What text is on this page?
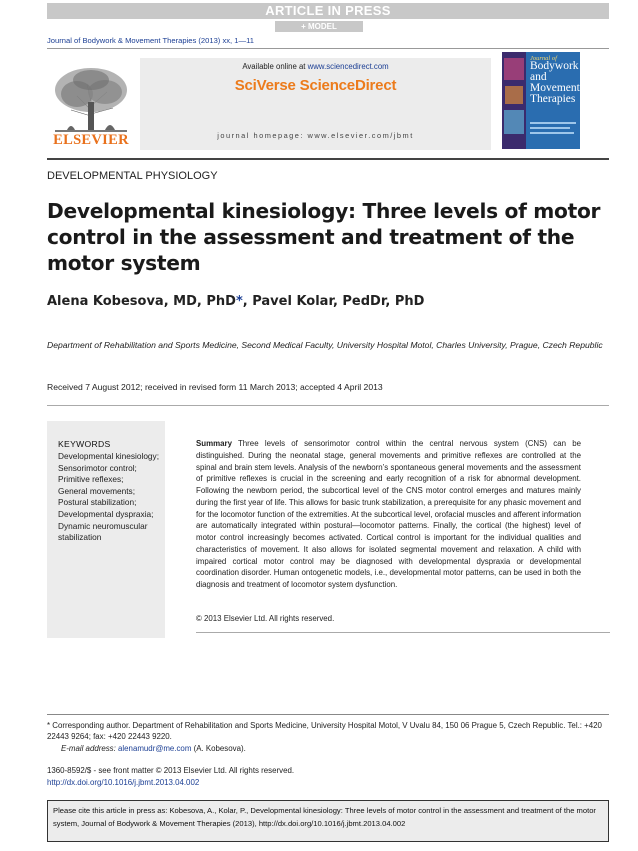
ARTICLE IN PRESS
+ MODEL
Journal of Bodywork & Movement Therapies (2013) xx, 1—11
ELSEVIER
Available online at www.sciencedirect.com
SciVerse ScienceDirect
journal homepage: www.elsevier.com/jbmt
Journal of
Bodywork and Movement Therapies
DEVELOPMENTAL PHYSIOLOGY
Developmental kinesiology: Three levels of motor control in the assessment and treatment of the motor system
Alena Kobesova, MD, PhD*, Pavel Kolar, PedDr, PhD
Department of Rehabilitation and Sports Medicine, Second Medical Faculty, University Hospital Motol, Charles University, Prague, Czech Republic
Received 7 August 2012; received in revised form 11 March 2013; accepted 4 April 2013
KEYWORDS
Developmental kinesiology;
Sensorimotor control;
Primitive reflexes;
General movements;
Postural stabilization;
Developmental dyspraxia;
Dynamic neuromuscular stabilization
Summary Three levels of sensorimotor control within the central nervous system (CNS) can be distinguished. During the neonatal stage, general movements and primitive reflexes are controlled at the spinal and brain stem levels. Analysis of the newborn’s spontaneous general movements and the assessment of primitive reflexes is crucial in the screening and early recognition of a risk for abnormal development. Following the newborn period, the subcortical level of the CNS motor control emerges and matures mainly during the first year of life. This allows for basic trunk stabilization, a prerequisite for any phasic movement and for the locomotor function of the extremities. At the subcortical level, orofacial muscles and afferent information are automatically integrated within postural—locomotor patterns. Finally, the cortical (the highest) level of motor control increasingly becomes activated. Cortical control is important for the individual qualities and characteristics of movement. It also allows for isolated segmental movement and relaxation. A child with impaired cortical motor control may be diagnosed with developmental dyspraxia or developmental coordination disorder. Human ontogenetic models, i.e., developmental motor patterns, can be used in both the diagnosis and treatment of locomotor system dysfunction.
© 2013 Elsevier Ltd. All rights reserved.
* Corresponding author. Department of Rehabilitation and Sports Medicine, University Hospital Motol, V Uvalu 84, 150 06 Prague 5, Czech Republic. Tel.: +420 22443 9264; fax: +420 22443 9220.
E-mail address: alenamudr@me.com (A. Kobesova).
1360-8592/$ - see front matter © 2013 Elsevier Ltd. All rights reserved.
http://dx.doi.org/10.1016/j.jbmt.2013.04.002
Please cite this article in press as: Kobesova, A., Kolar, P., Developmental kinesiology: Three levels of motor control in the assessment and treatment of the motor system, Journal of Bodywork & Movement Therapies (2013), http://dx.doi.org/10.1016/j.jbmt.2013.04.002
